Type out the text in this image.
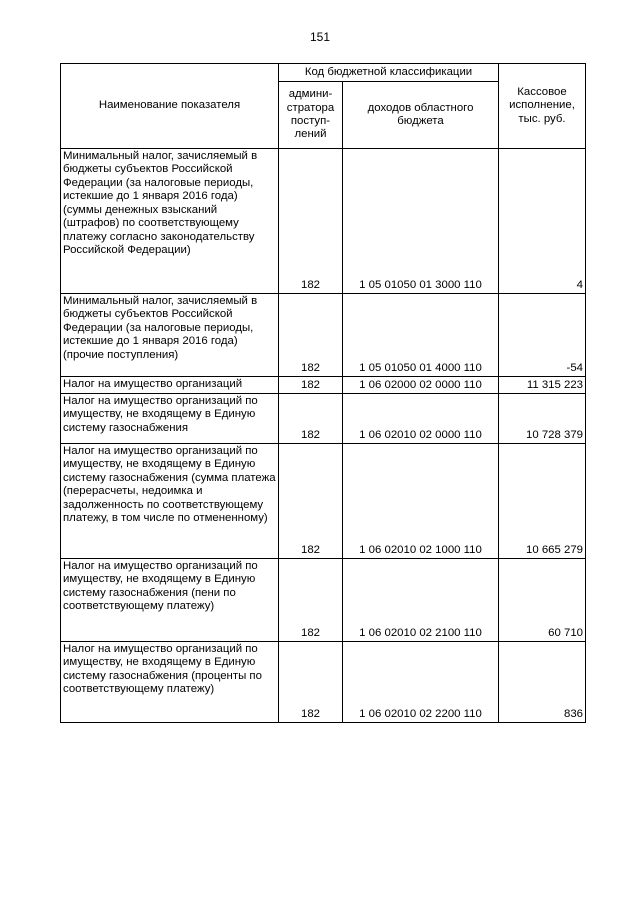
151
Наименование показателя	Код бюджетной классификации		Кассовое исполнение, тыс. руб.
	админи-стратора поступ-лений	доходов областного бюджета	
Минимальный налог, зачисляемый в бюджеты субъектов Российской Федерации (за налоговые периоды, истекшие до 1 января 2016 года) (суммы денежных взысканий (штрафов) по соответствующему платежу согласно законодательству Российской Федерации)	182	1 05 01050 01 3000 110	4
Минимальный налог, зачисляемый в бюджеты субъектов Российской Федерации (за налоговые периоды, истекшие до 1 января 2016 года) (прочие поступления)	182	1 05 01050 01 4000 110	-54
Налог на имущество организаций	182	1 06 02000 02 0000 110	11 315 223
Налог на имущество организаций по имуществу, не входящему в Единую систему газоснабжения	182	1 06 02010 02 0000 110	10 728 379
Налог на имущество организаций по имуществу, не входящему в Единую систему газоснабжения (сумма платежа (перерасчеты, недоимка и задолженность по соответствующему платежу, в том числе по отмененному)	182	1 06 02010 02 1000 110	10 665 279
Налог на имущество организаций по имуществу, не входящему в Единую систему газоснабжения (пени по соответствующему платежу)	182	1 06 02010 02 2100 110	60 710
Налог на имущество организаций по имуществу, не входящему в Единую систему газоснабжения (проценты по соответствующему платежу)	182	1 06 02010 02 2200 110	836
